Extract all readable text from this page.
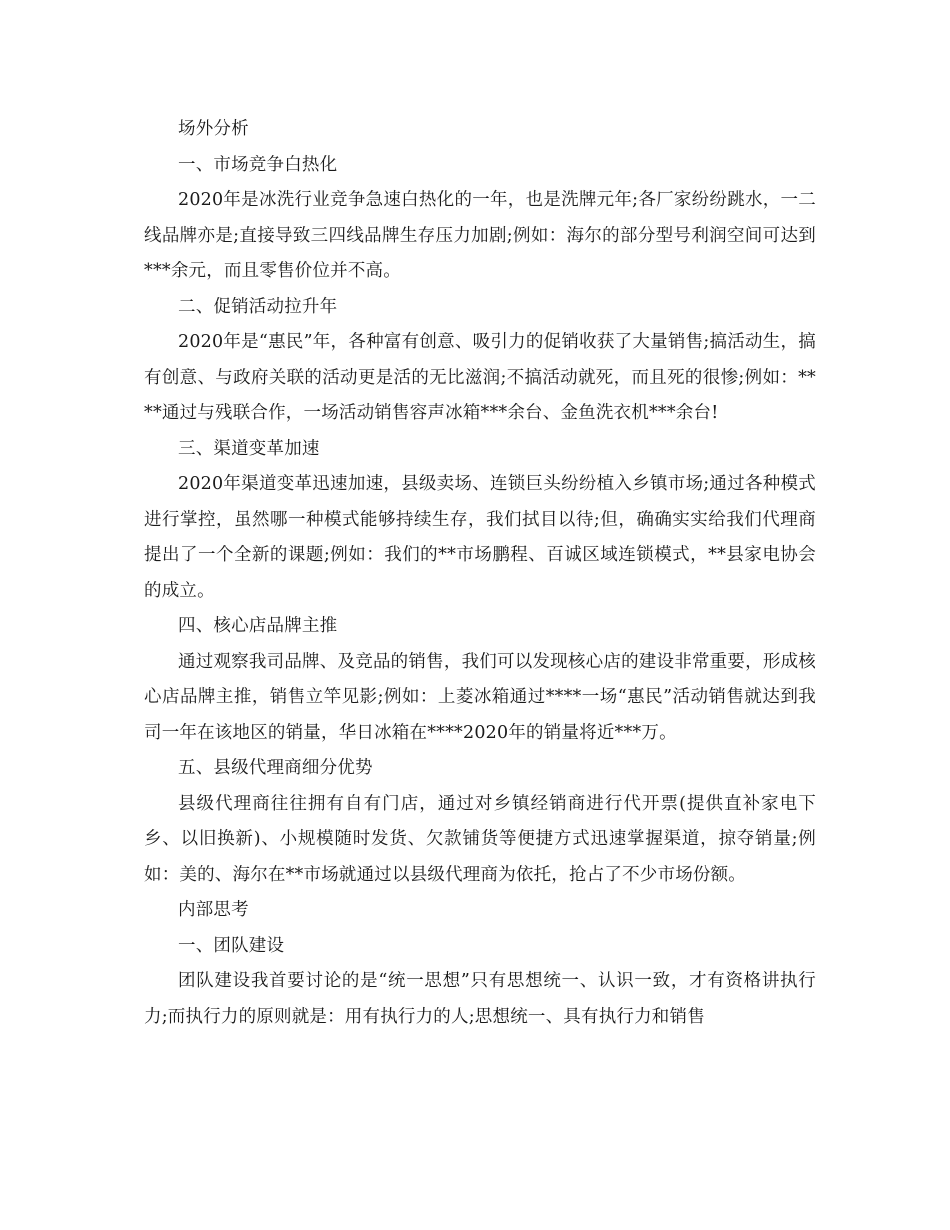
场外分析

一、市场竞争白热化

2020年是冰洗行业竞争急速白热化的一年，也是洗牌元年;各厂家纷纷跳水，一二线品牌亦是;直接导致三四线品牌生存压力加剧;例如：海尔的部分型号利润空间可达到***余元，而且零售价位并不高。

二、促销活动拉升年

2020年是“惠民”年，各种富有创意、吸引力的促销收获了大量销售;搞活动生，搞有创意、与政府关联的活动更是活的无比滋润;不搞活动就死，而且死的很惨;例如：****通过与残联合作，一场活动销售容声冰箱***余台、金鱼洗衣机***余台!

三、渠道变革加速

2020年渠道变革迅速加速，县级卖场、连锁巨头纷纷植入乡镇市场;通过各种模式进行掌控，虽然哪一种模式能够持续生存，我们拭目以待;但，确确实实给我们代理商提出了一个全新的课题;例如：我们的**市场鹏程、百诚区域连锁模式，**县家电协会的成立。

四、核心店品牌主推

通过观察我司品牌、及竞品的销售，我们可以发现核心店的建设非常重要，形成核心店品牌主推，销售立竿见影;例如：上菱冰箱通过****一场“惠民”活动销售就达到我司一年在该地区的销量，华日冰箱在****2020年的销量将近***万。

五、县级代理商细分优势

县级代理商往往拥有自有门店，通过对乡镇经销商进行代开票(提供直补家电下乡、以旧换新)、小规模随时发货、欠款铺货等便捷方式迅速掌握渠道，掠夺销量;例如：美的、海尔在**市场就通过以县级代理商为依托，抢占了不少市场份额。

内部思考

一、团队建设

团队建设我首要讨论的是“统一思想”只有思想统一、认识一致，才有资格讲执行力;而执行力的原则就是：用有执行力的人;思想统一、具有执行力和销售
